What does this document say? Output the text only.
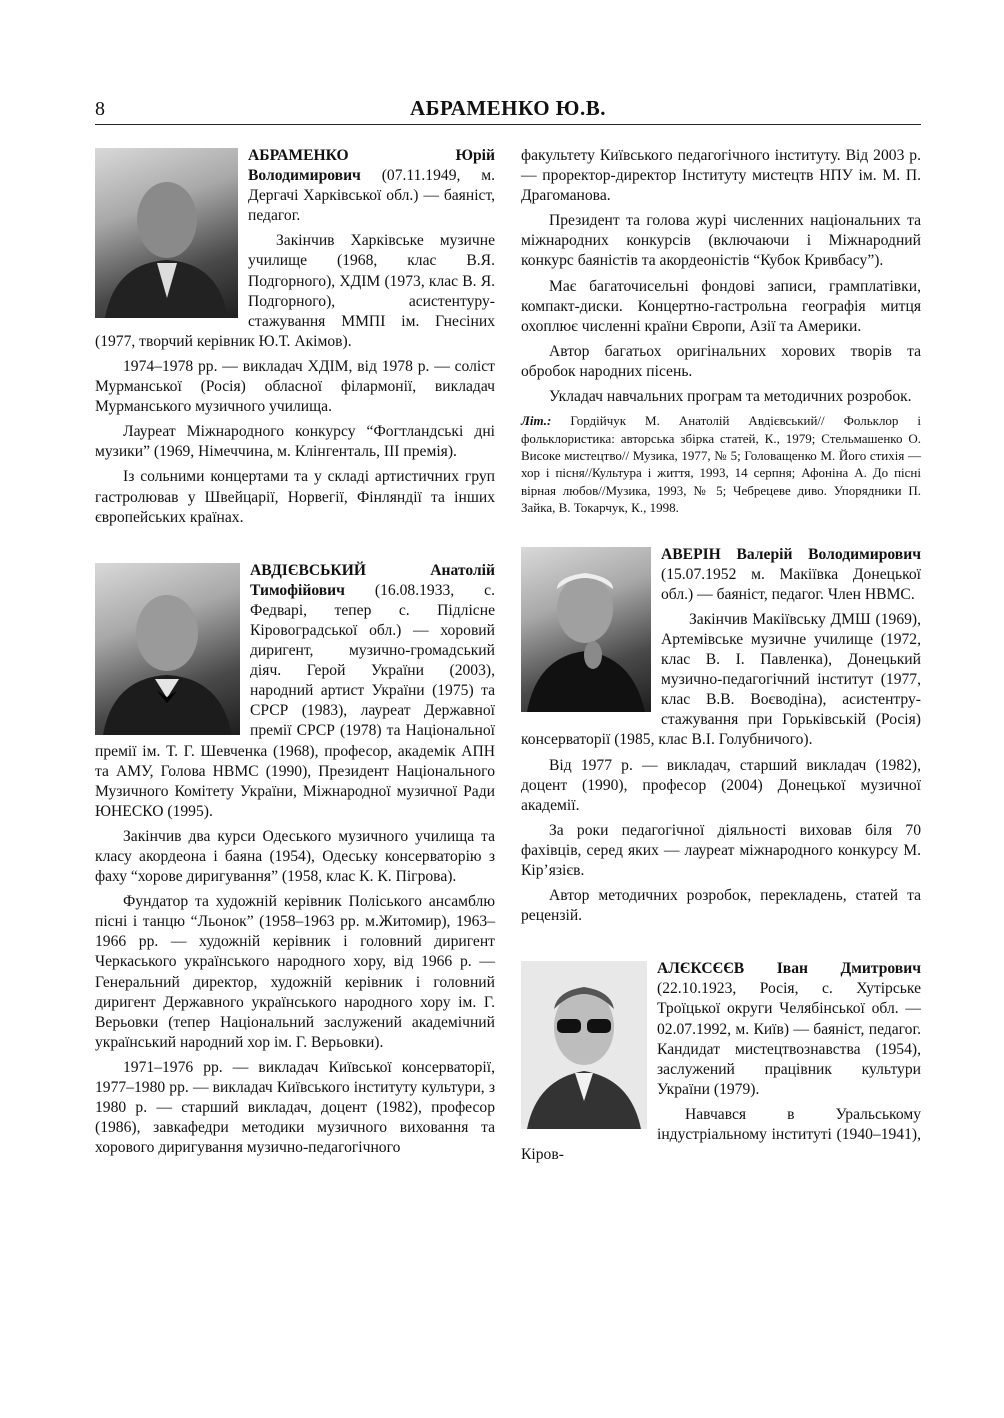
8	АБРАМЕНКО Ю.В.

АБРАМЕНКО Юрій Володимирович (07.11.1949, м. Дергачі Харківської обл.) — баяніст, педагог.

Закінчив Харківське музичне училище (1968, клас В.Я. Подгорного), ХДІМ (1973, клас В. Я. Подгорного), асистентуру-стажування ММПІ ім. Гнесіних (1977, творчий керівник Ю.Т. Акімов).

1974–1978 рр. — викладач ХДІМ, від 1978 р. — соліст Мурманської (Росія) обласної філармонії, викладач Мурманського музичного училища.

Лауреат Міжнародного конкурсу “Фогтландські дні музики” (1969, Німеччина, м. Клінгенталь, ІІІ премія).

Із сольними концертами та у складі артистичних груп гастролював у Швейцарії, Норвегії, Фінляндії та інших європейських країнах.

АВДІЄВСЬКИЙ Анатолій Тимофійович (16.08.1933, с. Федварі, тепер с. Підлісне Кіровоградської обл.) — хоровий диригент, музично-громадський діяч. Герой України (2003), народний артист України (1975) та СРСР (1983), лауреат Державної премії СРСР (1978) та Національної премії ім. Т. Г. Шевченка (1968), професор, академік АПН та АМУ, Голова НВМС (1990), Президент Національного Музичного Комітету України, Міжнародної музичної Ради ЮНЕСКО (1995).

Закінчив два курси Одеського музичного училища та класу акордеона і баяна (1954), Одеську консерваторію з фаху “хорове диригування” (1958, клас К. К. Пігрова).

Фундатор та художній керівник Поліського ансамблю пісні і танцю “Льонок” (1958–1963 рр. м.Житомир), 1963–1966 рр. — художній керівник і головний диригент Черкаського українського народного хору, від 1966 р. — Генеральний директор, художній керівник і головний диригент Державного українського народного хору ім. Г. Верьовки (тепер Національний заслужений академічний український народний хор ім. Г. Верьовки).

1971–1976 рр. — викладач Київської консерваторії, 1977–1980 рр. — викладач Київського інституту культури, з 1980 р. — старший викладач, доцент (1982), професор (1986), завкафедри методики музичного виховання та хорового диригування музично-педагогічного

факультету Київського педагогічного інституту. Від 2003 р. — проректор-директор Інституту мистецтв НПУ ім. М. П. Драгоманова.

Президент та голова журі численних національних та міжнародних конкурсів (включаючи і Міжнародний конкурс баяністів та акордеоністів “Кубок Кривбасу”).

Має багаточисельні фондові записи, грамплатівки, компакт-диски. Концертно-гастрольна географія митця охоплює численні країни Європи, Азії та Америки.

Автор багатьох оригінальних хорових творів та обробок народних пісень.

Укладач навчальних програм та методичних розробок.

Літ.: Гордійчук М. Анатолій Авдієвський// Фольклор і фольклористика: авторська збірка статей, К., 1979; Стельмашенко О. Високе мистецтво// Музика, 1977, № 5; Головащенко М. Його стихія — хор і пісня//Культура і життя, 1993, 14 серпня; Афоніна А. До пісні вірная любов//Музика, 1993, № 5; Чебрецеве диво. Упорядники П. Зайка, В. Токарчук, К., 1998.

АВЕРІН Валерій Володимирович (15.07.1952 м. Макіївка Донецької обл.) — баяніст, педагог. Член НВМС.

Закінчив Макіївську ДМШ (1969), Артемівське музичне училище (1972, клас В. І. Павленка), Донецький музично-педагогічний інститут (1977, клас В.В. Воєводіна), асистентру-стажування при Горьківській (Росія) консерваторії (1985, клас В.І. Голубничого).

Від 1977 р. — викладач, старший викладач (1982), доцент (1990), професор (2004) Донецької музичної академії.

За роки педагогічної діяльності виховав біля 70 фахівців, серед яких — лауреат міжнародного конкурсу М. Кір’язієв.

Автор методичних розробок, перекладень, статей та рецензій.

АЛЄКСЄЄВ Іван Дмитрович (22.10.1923, Росія, с. Хутірське Троїцької округи Челябінської обл. — 02.07.1992, м. Київ) — баяніст, педагог. Кандидат мистецтвознавства (1954), заслужений працівник культури України (1979).

Навчався в Уральському індустріальному інституті (1940–1941), Кіров-
